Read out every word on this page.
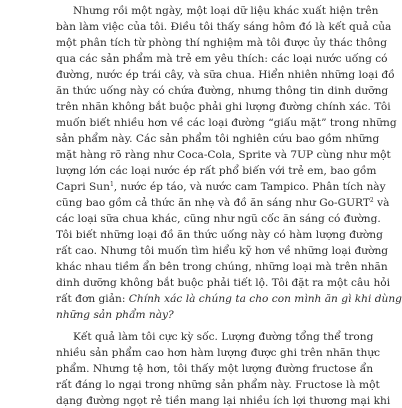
Nhưng rồi một ngày, một loại dữ liệu khác xuất hiện trên
bàn làm việc của tôi. Điều tôi thấy sáng hôm đó là kết quả của
một phân tích từ phòng thí nghiệm mà tôi được ủy thác thông
qua các sản phẩm mà trẻ em yêu thích: các loại nước uống có
đường, nước ép trái cây, và sữa chua. Hiển nhiên những loại đồ
ăn thức uống này có chứa đường, nhưng thông tin dinh dưỡng
trên nhãn không bắt buộc phải ghi lượng đường chính xác. Tôi
muốn biết nhiều hơn về các loại đường “giấu mặt” trong những
sản phẩm này. Các sản phẩm tôi nghiên cứu bao gồm những
mặt hàng rõ ràng như Coca-Cola, Sprite và 7UP cùng như một
lượng lớn các loại nước ép rất phổ biến với trẻ em, bao gồm
Capri Sun$^1$, nước ép táo, và nước cam Tampico. Phân tích này
cũng bao gồm cả thức ăn nhẹ và đồ ăn sáng như Go-GURT$^2$ và
các loại sữa chua khác, cũng như ngũ cốc ăn sáng có đường.
Tôi biết những loại đồ ăn thức uống này có hàm lượng đường
rất cao. Nhưng tôi muốn tìm hiểu kỹ hơn về những loại đường
khác nhau tiềm ẩn bên trong chúng, những loại mà trên nhãn
dinh dưỡng không bắt buộc phải tiết lộ. Tôi đặt ra một câu hỏi
rất đơn giản: Chính xác là chúng ta cho con mình ăn gì khi dùng
những sản phẩm này?
Kết quả làm tôi cực kỳ sốc. Lượng đường tổng thể trong
nhiều sản phẩm cao hơn hàm lượng được ghi trên nhãn thực
phẩm. Nhưng tệ hơn, tôi thấy một lượng đường fructose ẩn
rất đáng lo ngại trong những sản phẩm này. Fructose là một
dạng đường ngọt rẻ tiền mang lại nhiều ích lợi thương mại khi
